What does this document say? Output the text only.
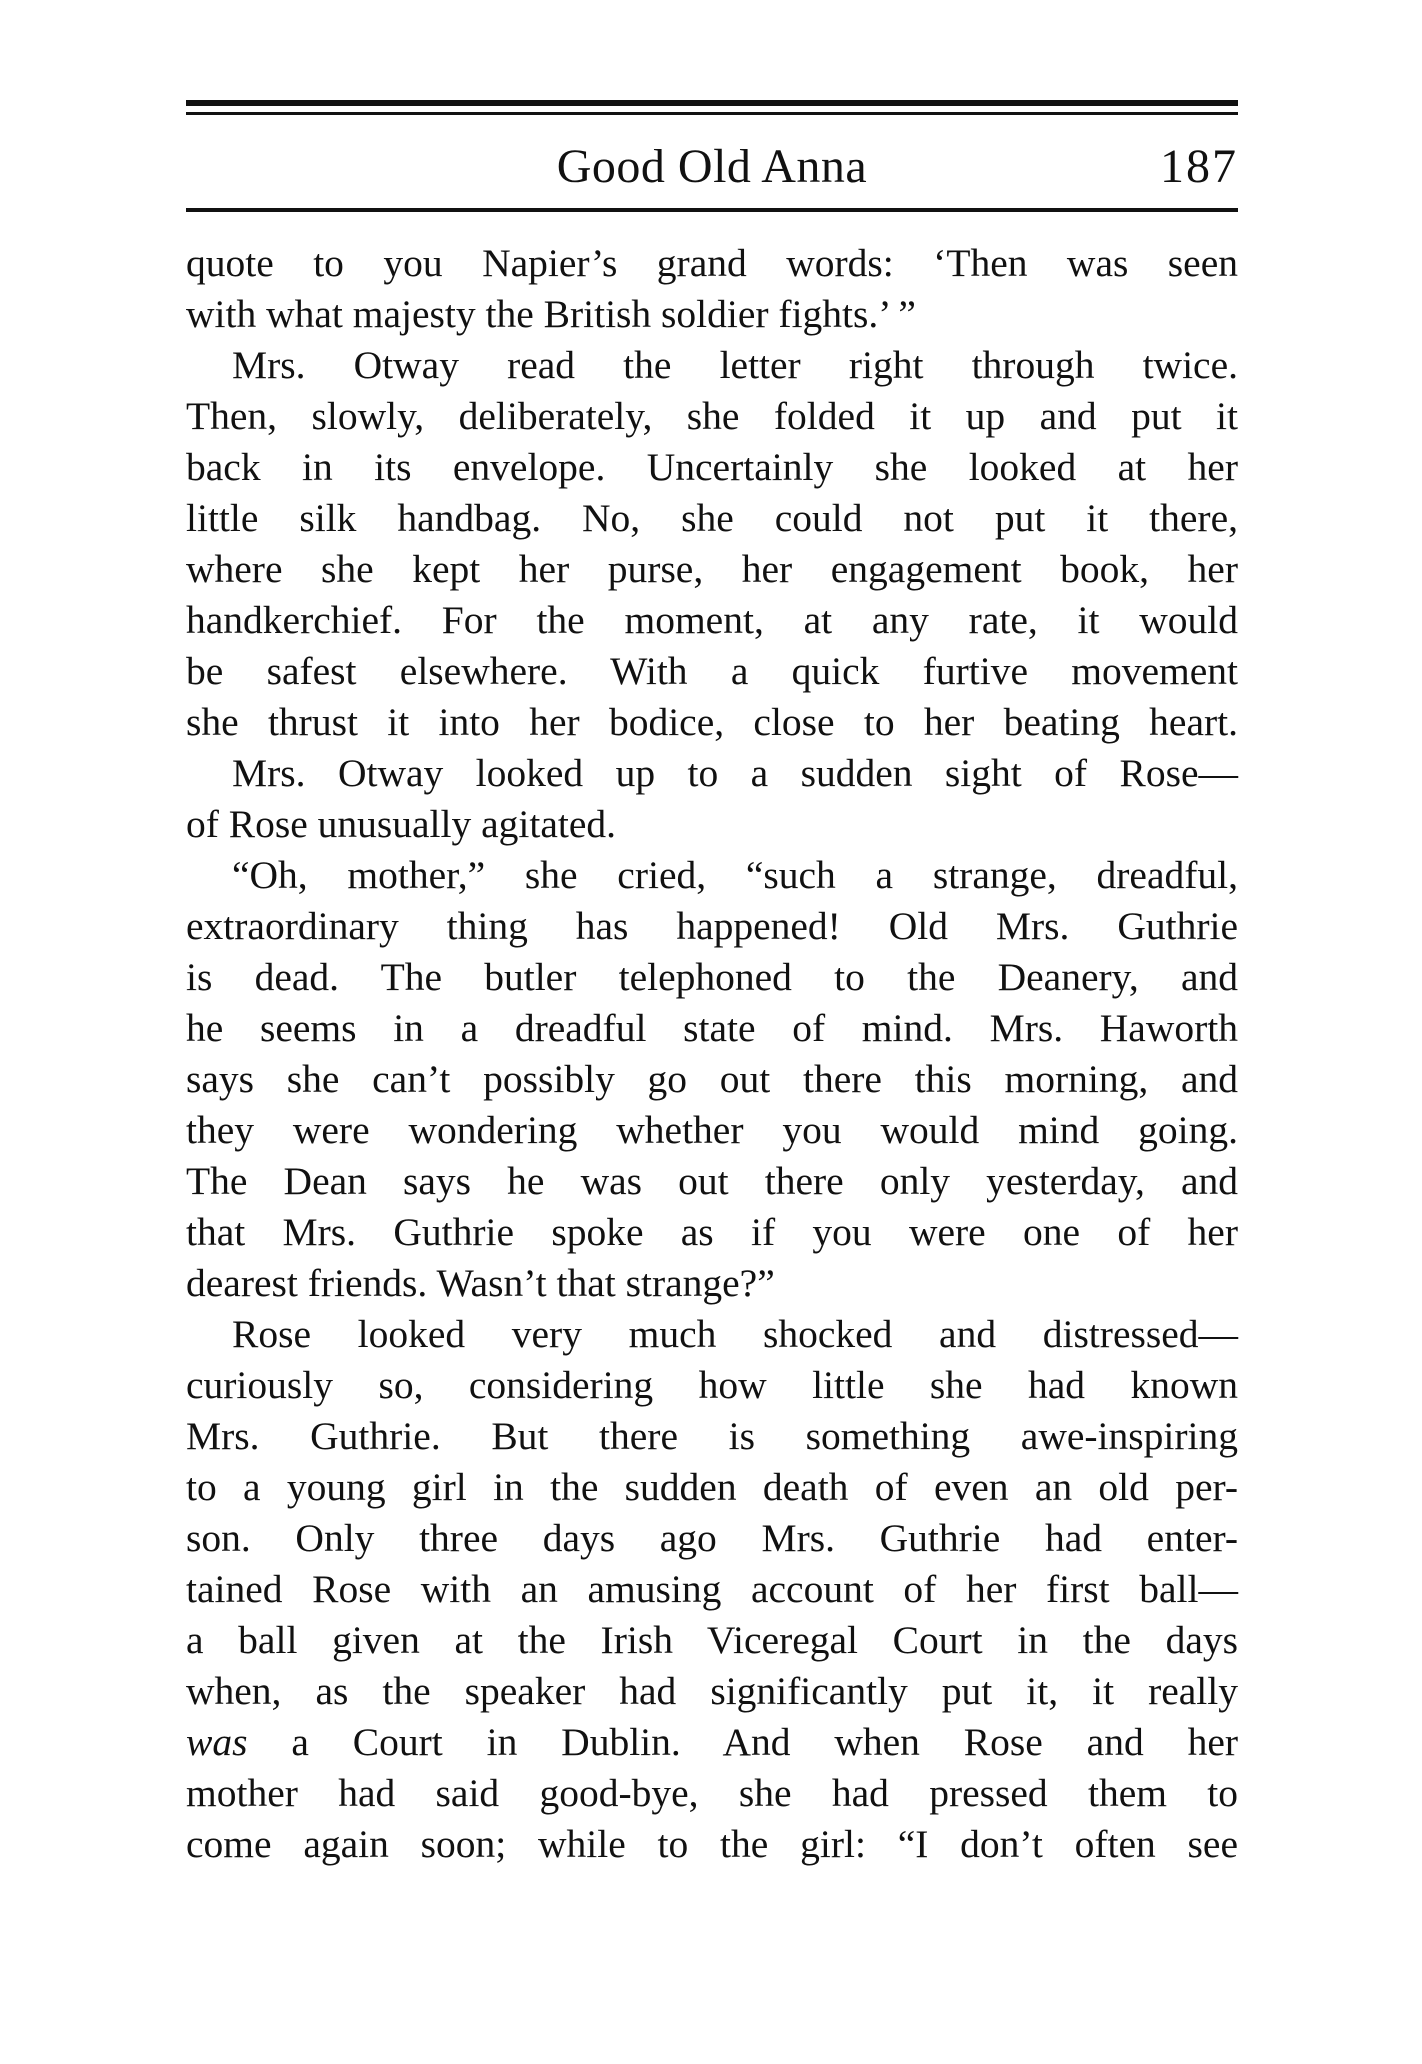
Good Old Anna	187
quote to you Napier’s grand words: ‘Then was seen
with what majesty the British soldier fights.’ ”
Mrs. Otway read the letter right through twice.
Then, slowly, deliberately, she folded it up and put it
back in its envelope. Uncertainly she looked at her
little silk handbag. No, she could not put it there,
where she kept her purse, her engagement book, her
handkerchief. For the moment, at any rate, it would
be safest elsewhere. With a quick furtive movement
she thrust it into her bodice, close to her beating heart.
Mrs. Otway looked up to a sudden sight of Rose—
of Rose unusually agitated.
“Oh, mother,” she cried, “such a strange, dreadful,
extraordinary thing has happened! Old Mrs. Guthrie
is dead. The butler telephoned to the Deanery, and
he seems in a dreadful state of mind. Mrs. Haworth
says she can’t possibly go out there this morning, and
they were wondering whether you would mind going.
The Dean says he was out there only yesterday, and
that Mrs. Guthrie spoke as if you were one of her
dearest friends. Wasn’t that strange?”
Rose looked very much shocked and distressed—
curiously so, considering how little she had known
Mrs. Guthrie. But there is something awe-inspiring
to a young girl in the sudden death of even an old per-
son. Only three days ago Mrs. Guthrie had enter-
tained Rose with an amusing account of her first ball—
a ball given at the Irish Viceregal Court in the days
when, as the speaker had significantly put it, it really
was a Court in Dublin. And when Rose and her
mother had said good-bye, she had pressed them to
come again soon; while to the girl: “I don’t often see
